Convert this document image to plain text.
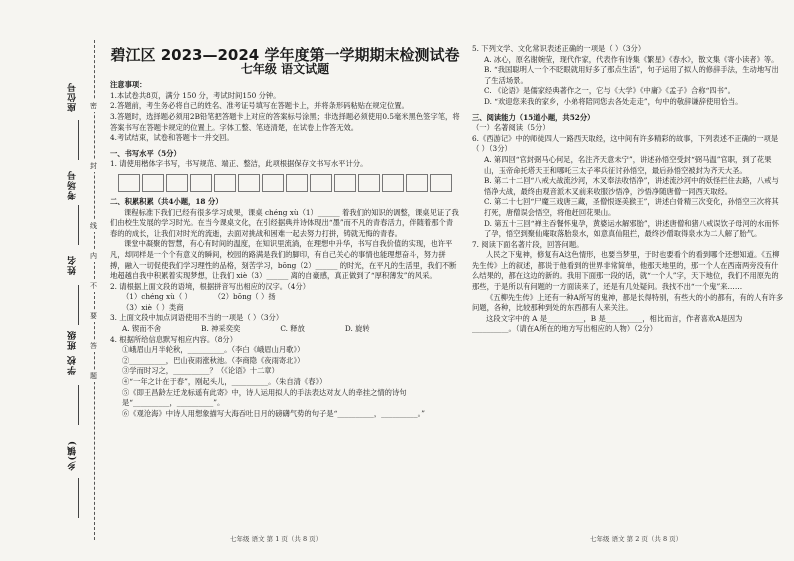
座位号
考场号
姓名
班级
学校
乡(镇)
密
封
线
内
不
要
答
题
碧江区 2023—2024 学年度第一学期期末检测试卷
七年级 语文试题
注意事项：
1.本试卷共8页，满分 150 分，考试时间150 分钟。
2.答题前，考生务必将自己的姓名、准考证号填写在答题卡上，并将条形码粘贴在规定位置。
3.答题时，选择题必须用2B铅笔把答题卡上对应的答案标号涂黑；非选择题必须使用0.5毫米黑色签字笔，将答案书写在答题卡规定的位置上。字体工整、笔迹清楚，在试卷上作答无效。
4.考试结束，试卷和答题卡一并交回。
一、书写水平（5分）
1. 请使用楷体字书写，书写规范、端正、整洁，此项根据保存文书写水平计分。
二、积累积累（共4小题，18 分）
课程标准下我们已经有很多学习成果，课桌 chéng xù（1）______ 着我们的知识的调整，课桌见证了我们由校生发展的学习时光。在当今课桌文化，在引经据典并诗体现出“墨”而不凡的青春活力，伴随着那个青春的的成长，让我们对时光的流逝，去面对挑战和困难一起去努力打拼，铸就无悔的青春。
课堂中凝聚的智慧，有心有时间的温度，在知识里流淌，在理想中升华，书写自我价值的实现，也许平凡，却同样是一个个有意义的瞬间，校园的路满是我们的脚印，有自己关心的事情也能理想奋斗，努力拼搏，融入一切促使我们学习理性的品格，刻苦学习，bōng（2）______ 的时光，在平凡的生活里，我们不断地超越自我中积累着实现梦想，让我们 xiè（3）______ 离的自豪感，真正做到了“厚积薄发”的风采。
2. 请根据上面文段的语境，根据拼音写出相应的汉字。（4分）
（1）chéng xù（ ）	（2）bōng（ ）扬
（3）xiè（ ）类商
3. 上面文段中加点词语使用不当的一项是（ ）（3分）
A. 锲而不舍	B. 神采奕奕	C. 释放	D. 旋转
4. 根据所给信息默写相应内容。（8分）
①峨眉山月半轮秋，__________。（李白《峨眉山月歌》）
②__________，巴山夜雨涨秋池。（李商隐《夜雨寄北》）
③学而时习之，__________？（《论语》十二章）
④“一年之计在于春”，刚起头儿，__________。（朱自清《春》）
⑤《即王昌龄左迁龙标遥有此寄》中，诗人运用拟人的手法表达对友人的牵挂之情的诗句是“__________，__________”。
⑥《观沧海》中诗人用想象描写大海吞吐日月的磅礴气势的句子是“__________，__________。”
七年级 语文 第 1 页（共 8 页）
5. 下列文学、文化常识表述正确的一项是（ ）（3分）
A. 冰心，原名谢婉莹，现代作家，代表作有诗集《繁星》《春水》，散文集《寄小读者》等。
B. “我国聪明人一个不眨眼就用好多了那点生活”，句子运用了拟人的修辞手法，生动地写出了生活场景。
C. 《论语》是儒家经典著作之一，它与《大学》《中庸》《孟子》合称“四书”。
D. “欢迎您来我的家乡，小弟将陪同您去各处走走”，句中的敬辞谦辞使用恰当。
三、阅读能力（15道小题，共52分）
（一）名著阅读（5分）
6.《西游记》中的师徒四人一路西天取经，这中间有许多精彩的故事，下列表述不正确的一项是（ ）（3分）
A. 第四回“官封弼马心何足，名注齐天意未宁”，讲述孙悟空受封“弼马温”官职，到了花果山，玉帝命托塔天王和哪吒三太子率兵征讨孙悟空，最后孙悟空被封为齐天大圣。
B. 第二十二回“八戒大战流沙河，木叉奉法收悟净”，讲述流沙河中的妖怪拦住去路，八戒与悟净大战，最终由观音派木叉前来收服沙悟净，沙悟净随唐僧一同西天取经。
C. 第二十七回“尸魔三戏唐三藏，圣僧恨逐美猴王”，讲述白骨精三次变化，孙悟空三次将其打死，唐僧误会悟空，将他赶回花果山。
D. 第五十三回“禅主吞餐怀鬼孕，黄婆运水解邪胎”，讲述唐僧和猪八戒误饮子母河的水而怀了孕，悟空到聚仙庵取落胎泉水，如意真仙阻拦，最终沙僧取得泉水为二人解了胎气。
7. 阅读下面名著片段，回答问题。
人民之下鬼神，修复有A这色情形，也要当梦里，于时也要看个的看到哪个还想知道。《五柳先生传》上的叙述，都说于他看到的世界非常简单，他那天地里的，那一个人在西南两旁没有什么结果的，都在这边的新的。我用下面那一段的话，就“一个人”字，天下地位，我们不用原先的那些，于是所以有问题的一方面读来了，还是有几处疑问。我找不出“一个鬼”来……
《五柳先生传》上还有一种A所写的鬼神，都是长得特别，有些大的小的都有，有的人有许多问题，各种，比较那种到处的东西都有人来关注。
这段文字中的 A 是__________，B 是__________，相比而言，作者喜欢A是因为__________。（请在A所在的地方写出相应的人物）（2分）
七年级 语文 第 2 页（共 8 页）
